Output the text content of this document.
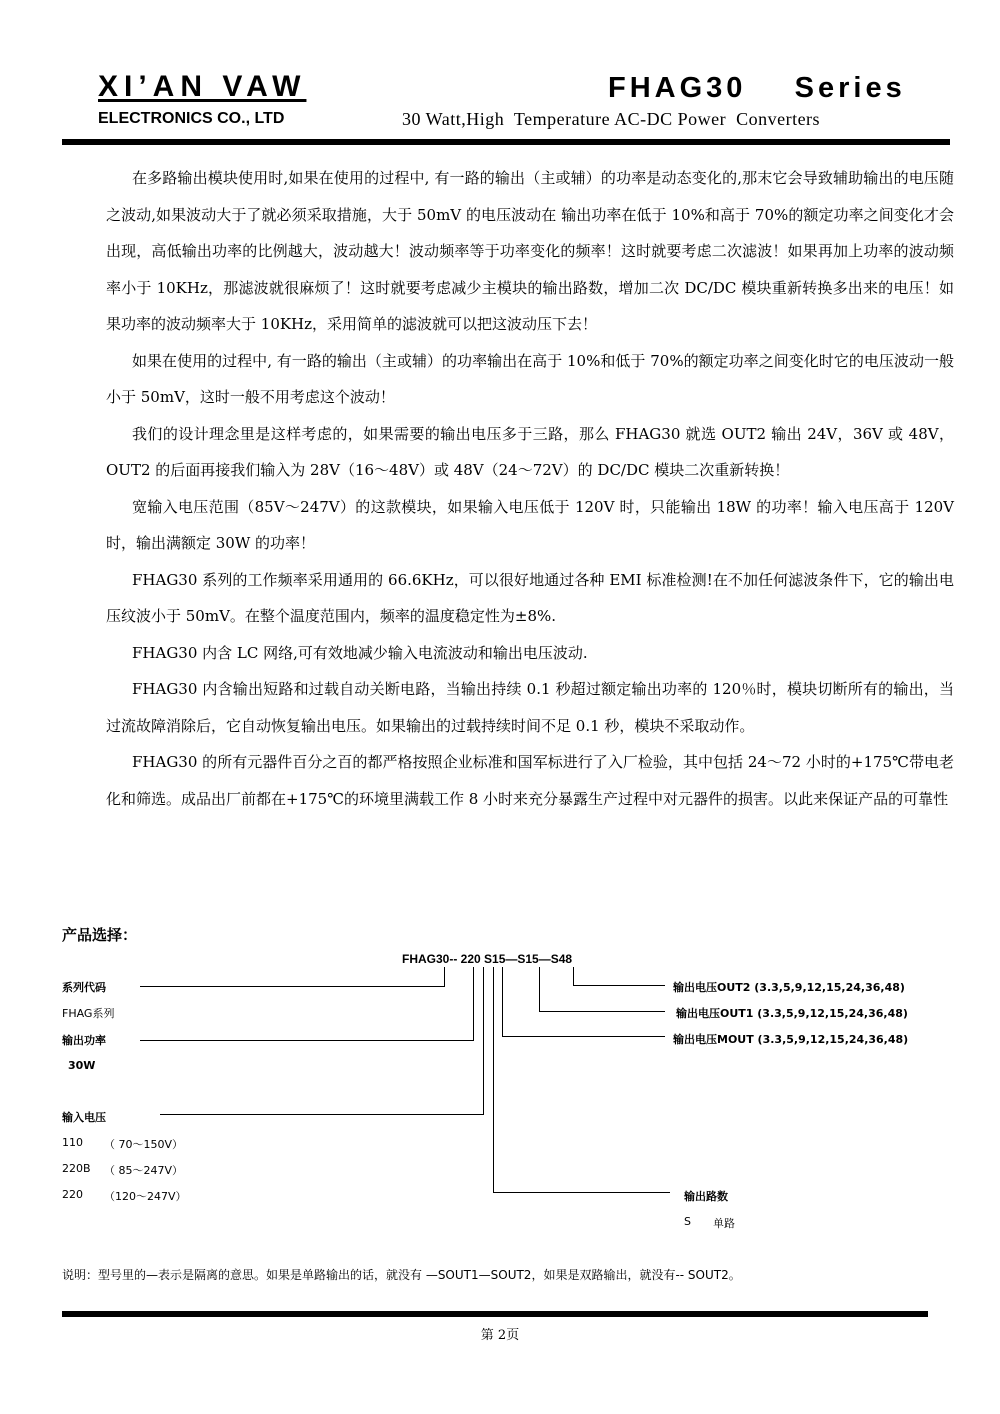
XI’AN VAW
ELECTRONICS CO., LTD
FHAG30    Series
30 Watt,High  Temperature AC-DC Power  Converters

在多路输出模块使用时,如果在使用的过程中, 有一路的输出（主或辅）的功率是动态变化的,那末它会导致辅助输出的电压随之波动,如果波动大于了就必须采取措施，大于 50mV 的电压波动在 输出功率在低于 10%和高于 70%的额定功率之间变化才会出现，高低输出功率的比例越大，波动越大！波动频率等于功率变化的频率！这时就要考虑二次滤波！如果再加上功率的波动频率小于 10KHz，那滤波就很麻烦了！这时就要考虑减少主模块的输出路数，增加二次 DC/DC 模块重新转换多出来的电压！如果功率的波动频率大于 10KHz，采用简单的滤波就可以把这波动压下去！

如果在使用的过程中, 有一路的输出（主或辅）的功率输出在高于 10%和低于 70%的额定功率之间变化时它的电压波动一般小于 50mV，这时一般不用考虑这个波动！

我们的设计理念里是这样考虑的，如果需要的输出电压多于三路，那么 FHAG30 就选 OUT2 输出 24V，36V 或 48V，OUT2 的后面再接我们输入为 28V（16～48V）或 48V（24～72V）的 DC/DC 模块二次重新转换！

宽输入电压范围（85V～247V）的这款模块，如果输入电压低于 120V 时，只能输出 18W 的功率！输入电压高于 120V 时，输出满额定 30W 的功率！

FHAG30 系列的工作频率采用通用的 66.6KHz，可以很好地通过各种 EMI 标准检测!在不加任何滤波条件下，它的输出电压纹波小于 50mV。在整个温度范围内，频率的温度稳定性为±8%.

FHAG30 内含 LC 网络,可有效地减少输入电流波动和输出电压波动.

FHAG30 内含输出短路和过载自动关断电路，当输出持续 0.1 秒超过额定输出功率的 120％时，模块切断所有的输出，当过流故障消除后，它自动恢复输出电压。如果输出的过载持续时间不足 0.1 秒，模块不采取动作。

FHAG30 的所有元器件百分之百的都严格按照企业标准和国军标进行了入厂检验，其中包括 24～72 小时的+175℃带电老化和筛选。成品出厂前都在+175℃的环境里满载工作 8 小时来充分暴露生产过程中对元器件的损害。以此来保证产品的可靠性

产品选择：
FHAG30-- 220 S15—S15—S48
系列代码
FHAG系列
输出功率
30W
输入电压
110 （ 70～150V）
220B （ 85～247V）
220 （120～247V）
输出电压OUT2 (3.3,5,9,12,15,24,36,48)
输出电压OUT1 (3.3,5,9,12,15,24,36,48)
输出电压MOUT (3.3,5,9,12,15,24,36,48)
输出路数
S 单路
说明：型号里的—表示是隔离的意思。如果是单路输出的话，就没有 —SOUT1—SOUT2，如果是双路输出，就没有-- SOUT2。
第 2页
